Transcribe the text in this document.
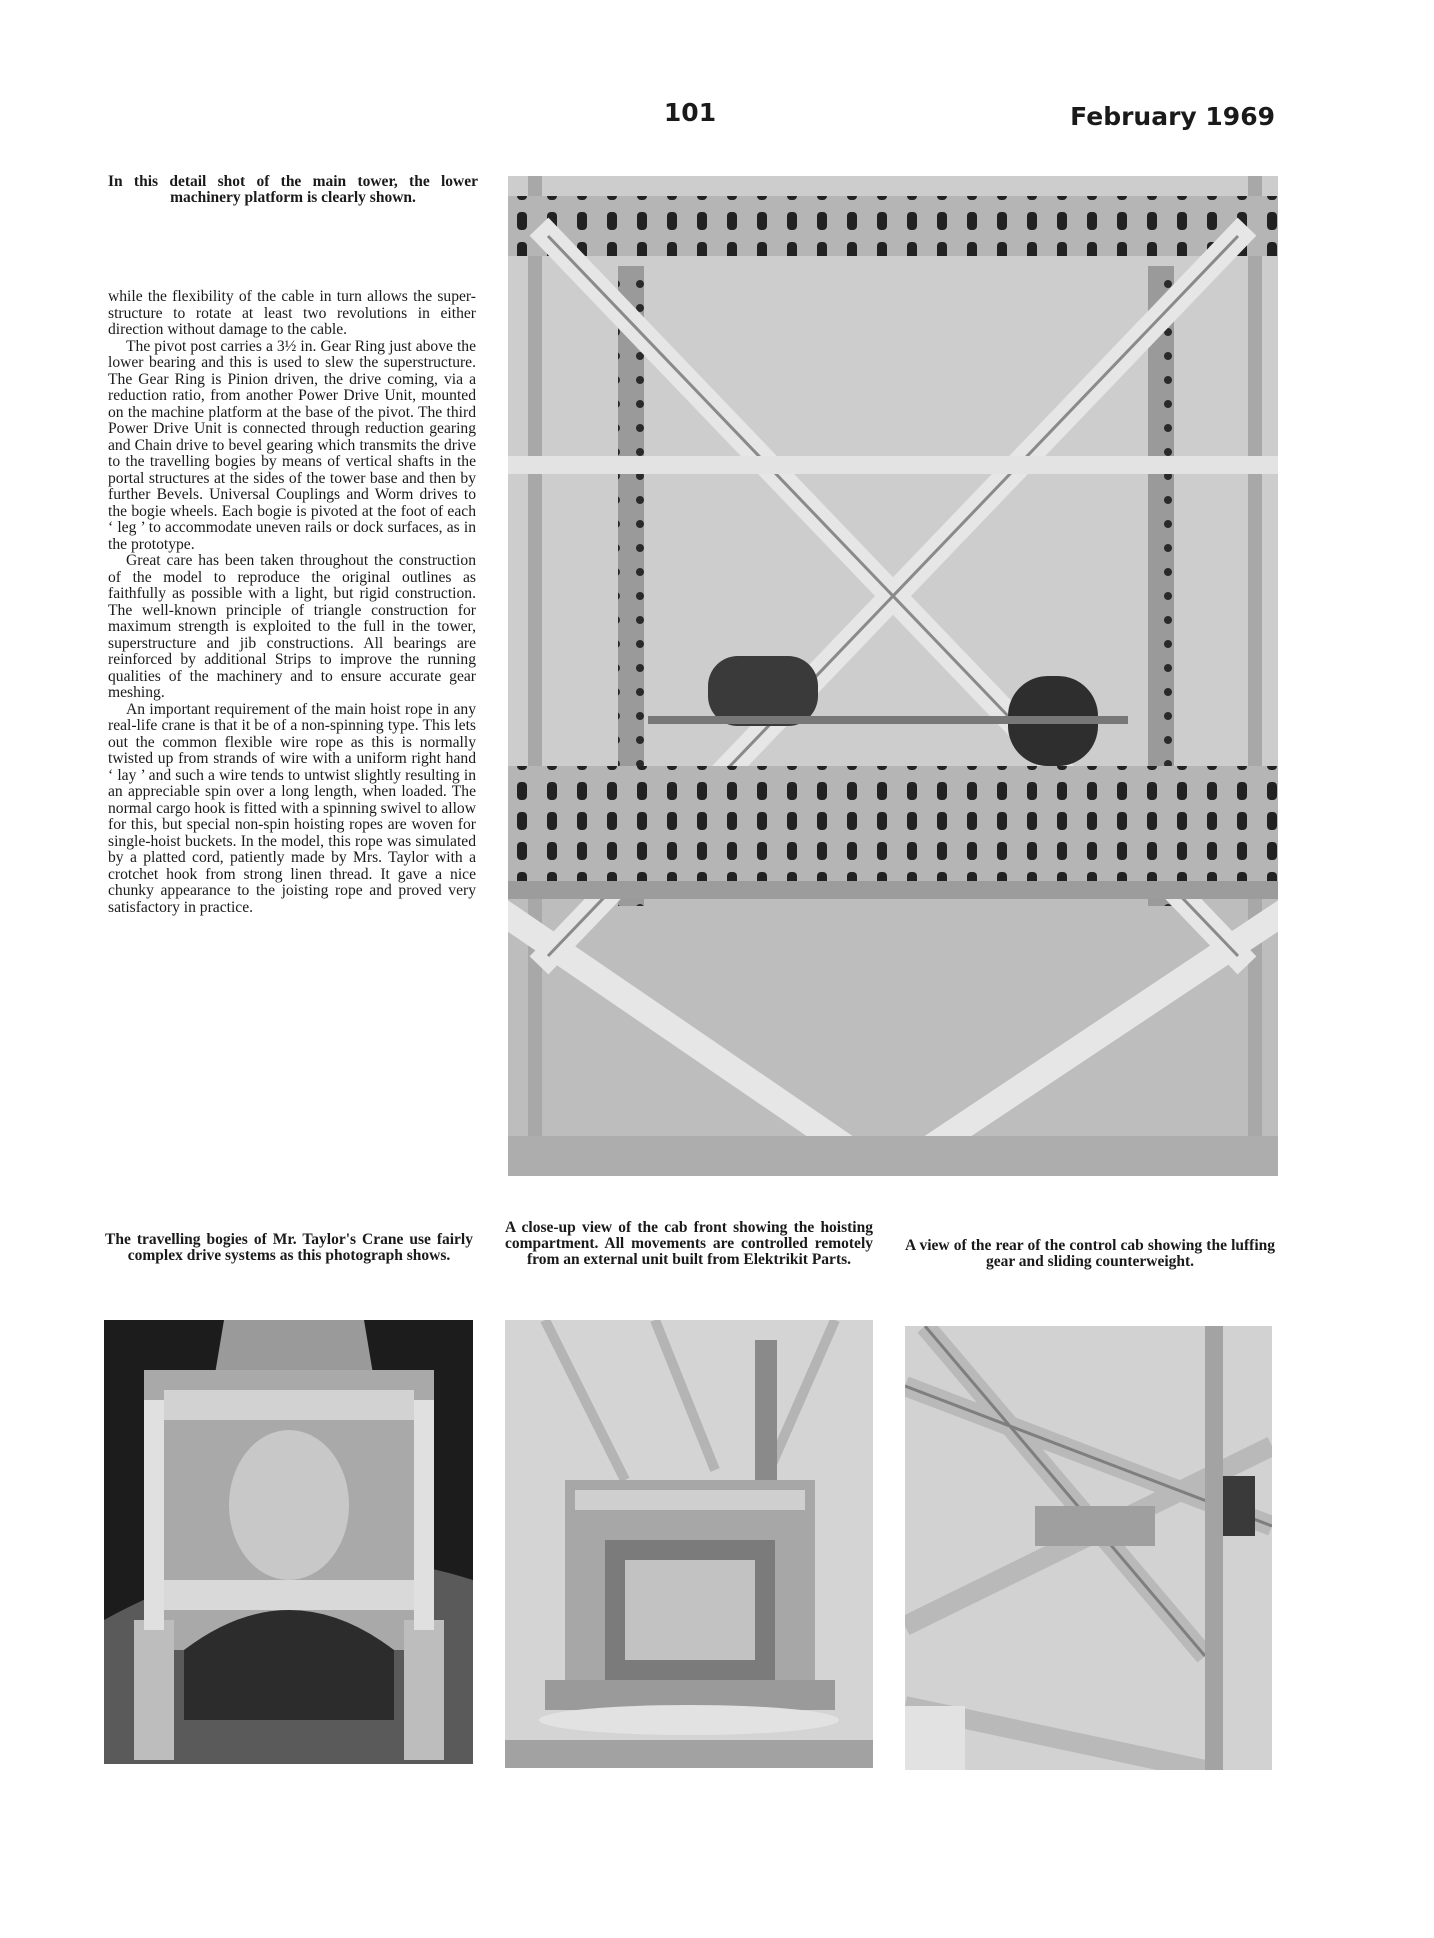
101	February 1969
In this detail shot of the main tower, the lower machinery platform is clearly shown.

while the flexibility of the cable in turn allows the super-structure to rotate at least two revolutions in either direction without damage to the cable.

The pivot post carries a 3½ in. Gear Ring just above the lower bearing and this is used to slew the superstructure. The Gear Ring is Pinion driven, the drive coming, via a reduction ratio, from another Power Drive Unit, mounted on the machine platform at the base of the pivot. The third Power Drive Unit is connected through reduction gearing and Chain drive to bevel gearing which transmits the drive to the travelling bogies by means of vertical shafts in the portal structures at the sides of the tower base and then by further Bevels. Universal Couplings and Worm drives to the bogie wheels. Each bogie is pivoted at the foot of each ‘ leg ’ to accommodate uneven rails or dock surfaces, as in the prototype.

Great care has been taken throughout the construction of the model to reproduce the original outlines as faithfully as possible with a light, but rigid construction. The well-known principle of triangle construction for maximum strength is exploited to the full in the tower, superstructure and jib constructions. All bearings are reinforced by additional Strips to improve the running qualities of the machinery and to ensure accurate gear meshing.

An important requirement of the main hoist rope in any real-life crane is that it be of a non-spinning type. This lets out the common flexible wire rope as this is normally twisted up from strands of wire with a uniform right hand ‘ lay ’ and such a wire tends to untwist slightly resulting in an appreciable spin over a long length, when loaded. The normal cargo hook is fitted with a spinning swivel to allow for this, but special non-spin hoisting ropes are woven for single-hoist buckets. In the model, this rope was simulated by a platted cord, patiently made by Mrs. Taylor with a crotchet hook from strong linen thread. It gave a nice chunky appearance to the joisting rope and proved very satisfactory in practice.

The travelling bogies of Mr. Taylor's Crane use fairly complex drive systems as this photograph shows.
A close-up view of the cab front showing the hoisting compartment. All movements are controlled remotely from an external unit built from Elektrikit Parts.
A view of the rear of the control cab showing the luffing gear and sliding counterweight.
